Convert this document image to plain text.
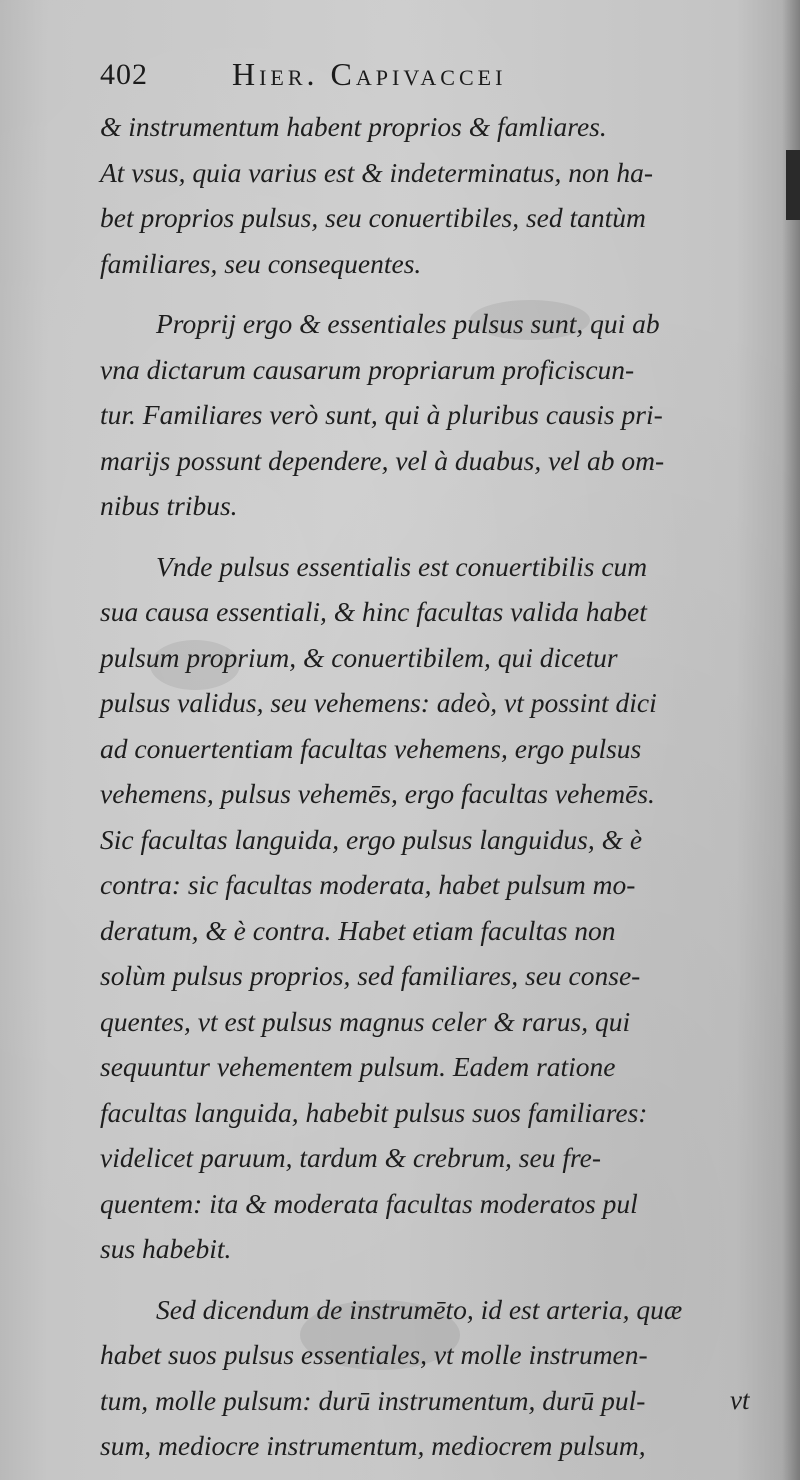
402	Hier. Capivaccei
& instrumentum habent proprios & famliares.
At vsus, quia varius est & indeterminatus, non ha-
bet proprios pulsus, seu conuertibiles, sed tantùm
familiares, seu consequentes.
Proprij ergo & essentiales pulsus sunt, qui ab
vna dictarum causarum propriarum proficiscun-
tur. Familiares verò sunt, qui à pluribus causis pri-
marijs possunt dependere, vel à duabus, vel ab om-
nibus tribus.
Vnde pulsus essentialis est conuertibilis cum
sua causa essentiali, & hinc facultas valida habet
pulsum proprium, & conuertibilem, qui dicetur
pulsus validus, seu vehemens: adeò, vt possint dici
ad conuertentiam facultas vehemens, ergo pulsus
vehemens, pulsus vehemēs, ergo facultas vehemēs.
Sic facultas languida, ergo pulsus languidus, & è
contra: sic facultas moderata, habet pulsum mo-
deratum, & è contra. Habet etiam facultas non
solùm pulsus proprios, sed familiares, seu conse-
quentes, vt est pulsus magnus celer & rarus, qui
sequuntur vehementem pulsum. Eadem ratione
facultas languida, habebit pulsus suos familiares:
videlicet paruum, tardum & crebrum, seu fre-
quentem: ita & moderata facultas moderatos pul
sus habebit.
Sed dicendum de instrumēto, id est arteria, quæ
habet suos pulsus essentiales, vt molle instrumen-
tum, molle pulsum: durū instrumentum, durū pul-
sum, mediocre instrumentum, mediocrem pulsum,
vt
